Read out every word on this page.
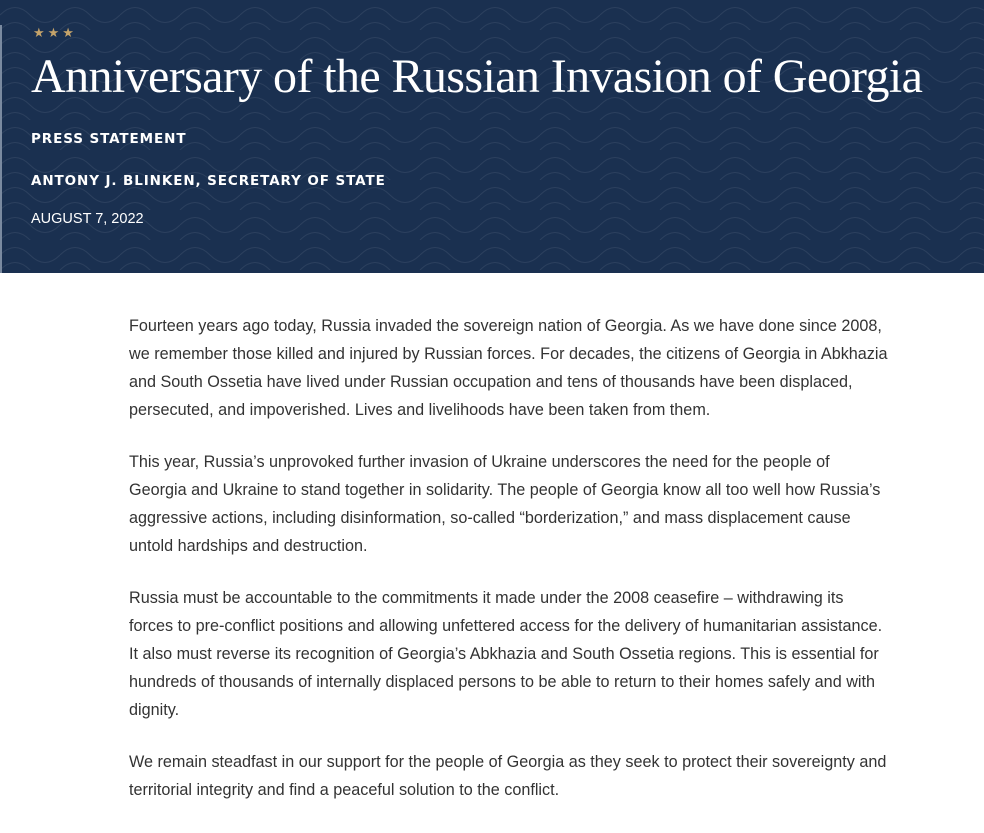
★★★
Anniversary of the Russian Invasion of Georgia
PRESS STATEMENT
ANTONY J. BLINKEN, SECRETARY OF STATE
AUGUST 7, 2022

Fourteen years ago today, Russia invaded the sovereign nation of Georgia. As we have done since 2008, we remember those killed and injured by Russian forces. For decades, the citizens of Georgia in Abkhazia and South Ossetia have lived under Russian occupation and tens of thousands have been displaced, persecuted, and impoverished. Lives and livelihoods have been taken from them.

This year, Russia’s unprovoked further invasion of Ukraine underscores the need for the people of Georgia and Ukraine to stand together in solidarity. The people of Georgia know all too well how Russia’s aggressive actions, including disinformation, so-called “borderization,” and mass displacement cause untold hardships and destruction.

Russia must be accountable to the commitments it made under the 2008 ceasefire – withdrawing its forces to pre-conflict positions and allowing unfettered access for the delivery of humanitarian assistance. It also must reverse its recognition of Georgia’s Abkhazia and South Ossetia regions. This is essential for hundreds of thousands of internally displaced persons to be able to return to their homes safely and with dignity.

We remain steadfast in our support for the people of Georgia as they seek to protect their sovereignty and territorial integrity and find a peaceful solution to the conflict.
